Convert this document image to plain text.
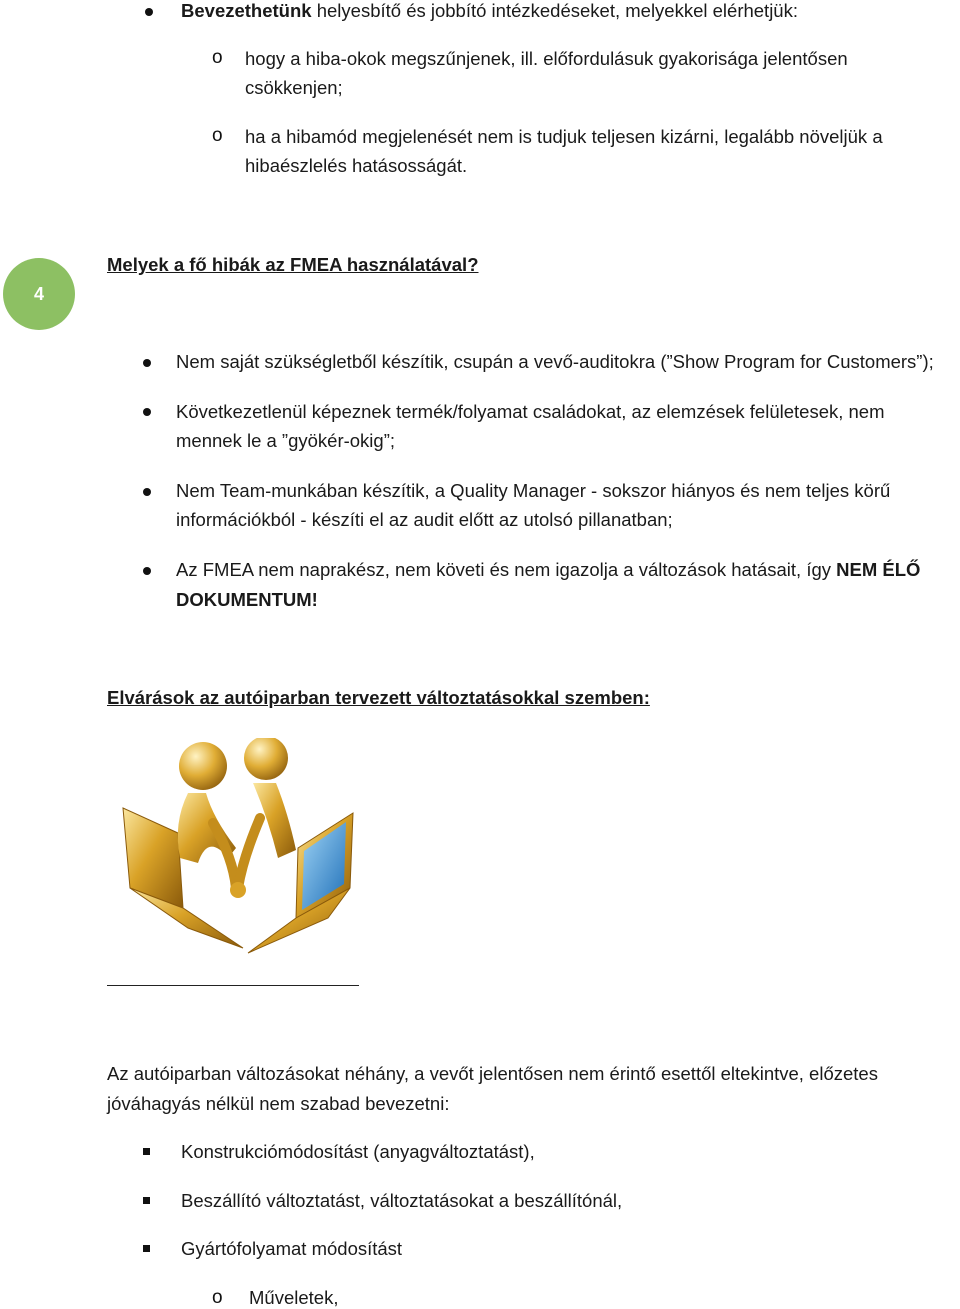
Bevezethetünk helyesbítő és jobbító intézkedéseket, melyekkel elérhetjük:
o hogy a hiba-okok megszűnjenek, ill. előfordulásuk gyakorisága jelentősen
csökkenjen;
o ha a hibamód megjelenését nem is tudjuk teljesen kizárni, legalább növeljük a
hibaészlelés hatásosságát.
4
Melyek a fő hibák az FMEA használatával?
Nem saját szükségletből készítik, csupán a vevő-auditokra (”Show Program for Customers”);
Következetlenül képeznek termék/folyamat családokat, az elemzések felületesek, nem
mennek le a ”gyökér-okig”;
Nem Team-munkában készítik, a Quality Manager - sokszor hiányos és nem teljes körű
információkból - készíti el az audit előtt az utolsó pillanatban;
Az FMEA nem naprakész, nem követi és nem igazolja a változások hatásait, így NEM ÉLŐ
DOKUMENTUM!
Elvárások az autóiparban tervezett változtatásokkal szemben:
Az autóiparban változásokat néhány, a vevőt jelentősen nem érintő esettől eltekintve, előzetes
jóváhagyás nélkül nem szabad bevezetni:
Konstrukciómódosítást (anyagváltoztatást),
Beszállító változtatást, változtatásokat a beszállítónál,
Gyártófolyamat módosítást
o Műveletek,
